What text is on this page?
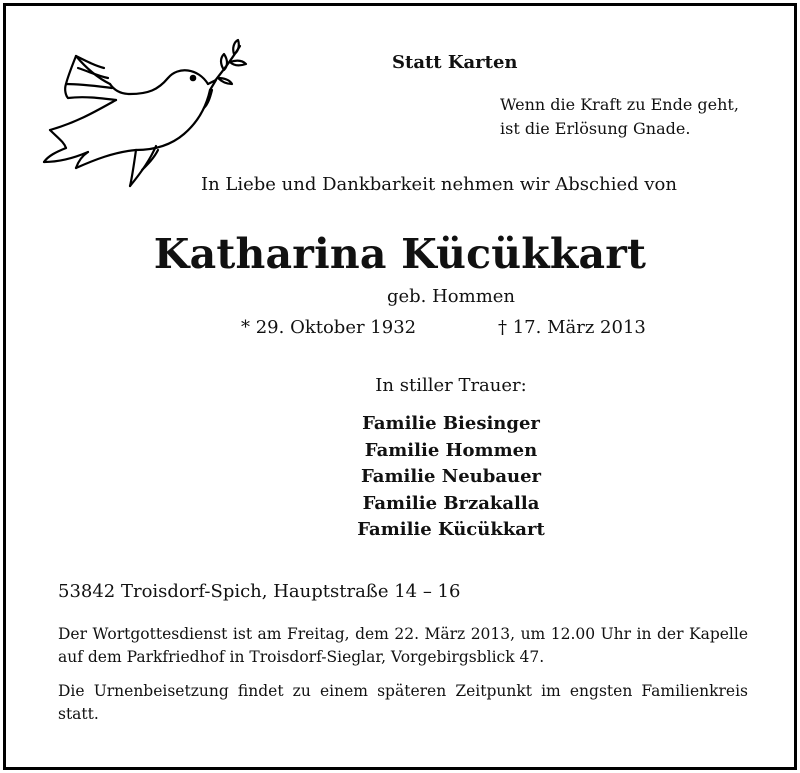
Statt Karten
Wenn die Kraft zu Ende geht,
ist die Erlösung Gnade.
In Liebe und Dankbarkeit nehmen wir Abschied von
Katharina Kücükkart
geb. Hommen
* 29. Oktober 1932	† 17. März 2013
In stiller Trauer:
Familie Biesinger
Familie Hommen
Familie Neubauer
Familie Brzakalla
Familie Kücükkart
53842 Troisdorf-Spich, Hauptstraße 14 – 16
Der Wortgottesdienst ist am Freitag, dem 22. März 2013, um 12.00 Uhr in der Kapelle auf dem Parkfriedhof in Troisdorf-Sieglar, Vorgebirgsblick 47.
Die Urnenbeisetzung findet zu einem späteren Zeitpunkt im engsten Familienkreis statt.
